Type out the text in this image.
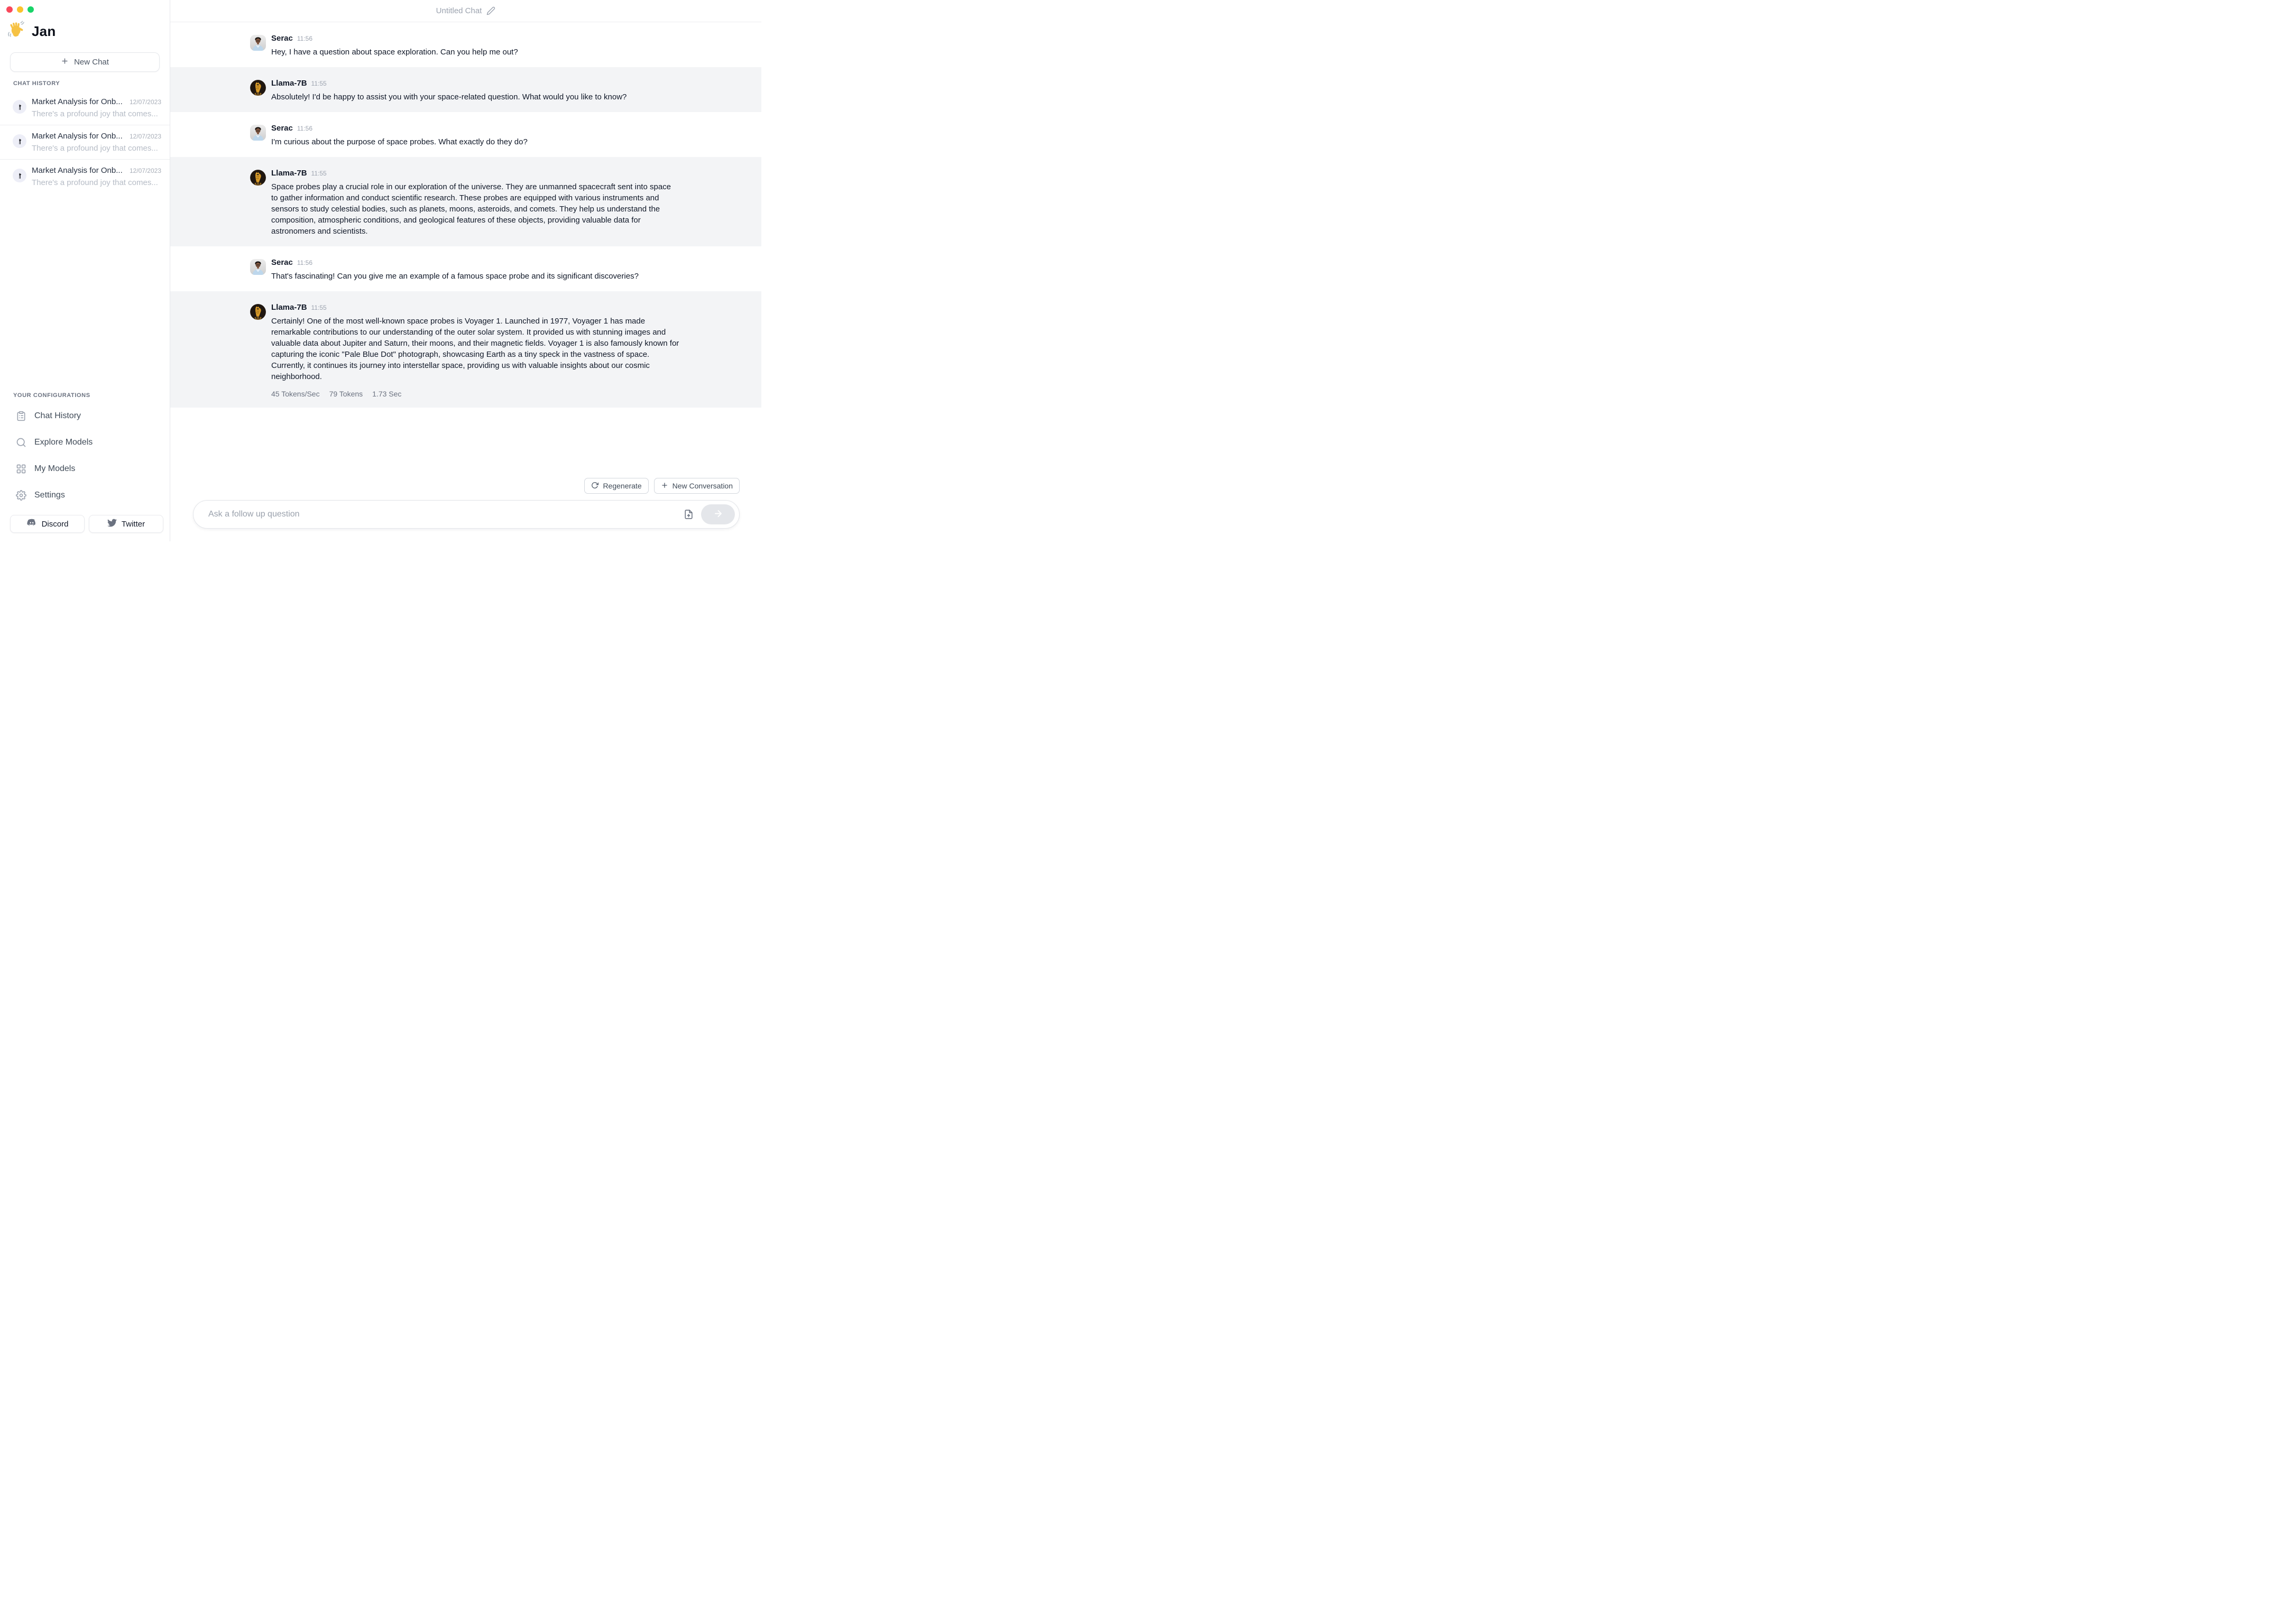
Jan
New Chat
CHAT HISTORY
Market Analysis for Onb...	12/07/2023
There's a profound joy that comes...
Market Analysis for Onb...	12/07/2023
There's a profound joy that comes...
Market Analysis for Onb...	12/07/2023
There's a profound joy that comes...
YOUR CONFIGURATIONS
Chat History
Explore Models
My Models
Settings
Discord	Twitter
Untitled Chat
Serac 11:56
Hey, I have a question about space exploration. Can you help me out?
Llama-7B 11:55
Absolutely! I'd be happy to assist you with your space-related question. What would you like to know?
Serac 11:56
I'm curious about the purpose of space probes. What exactly do they do?
Llama-7B 11:55
Space probes play a crucial role in our exploration of the universe. They are unmanned spacecraft sent into space to gather information and conduct scientific research. These probes are equipped with various instruments and sensors to study celestial bodies, such as planets, moons, asteroids, and comets. They help us understand the composition, atmospheric conditions, and geological features of these objects, providing valuable data for astronomers and scientists.
Serac 11:56
That's fascinating! Can you give me an example of a famous space probe and its significant discoveries?
Llama-7B 11:55
Certainly! One of the most well-known space probes is Voyager 1. Launched in 1977, Voyager 1 has made remarkable contributions to our understanding of the outer solar system. It provided us with stunning images and valuable data about Jupiter and Saturn, their moons, and their magnetic fields. Voyager 1 is also famously known for capturing the iconic "Pale Blue Dot" photograph, showcasing Earth as a tiny speck in the vastness of space. Currently, it continues its journey into interstellar space, providing us with valuable insights about our cosmic neighborhood.
45 Tokens/Sec 79 Tokens 1.73 Sec
Regenerate	New Conversation
Ask a follow up question
